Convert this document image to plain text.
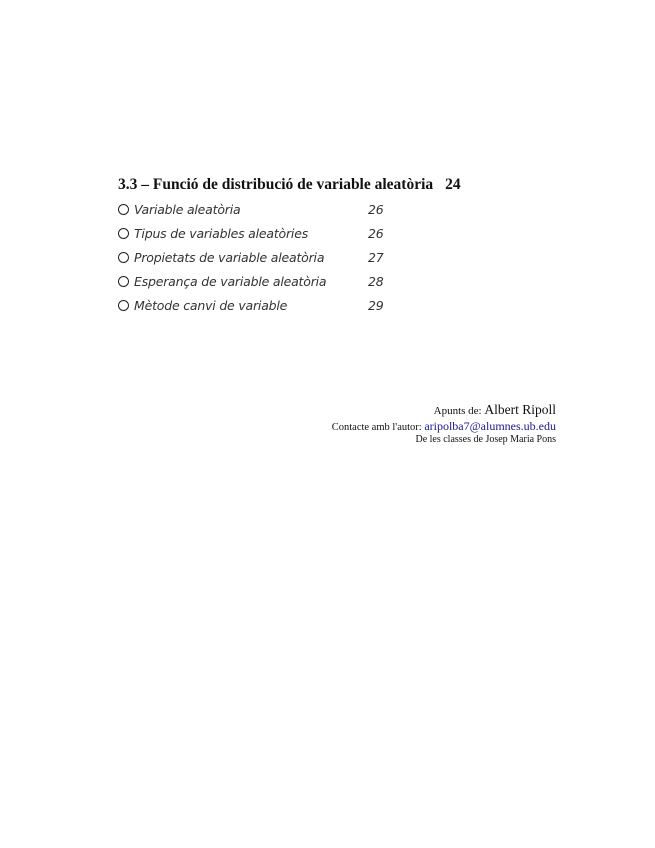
3.3 – Funció de distribució de variable aleatòria 24
Variable aleatòria	26
Tipus de variables aleatòries	26
Propietats de variable aleatòria	27
Esperança de variable aleatòria	28
Mètode canvi de variable	29
Apunts de: Albert Ripoll
Contacte amb l'autor: aripolba7@alumnes.ub.edu
De les classes de Josep Maria Pons
